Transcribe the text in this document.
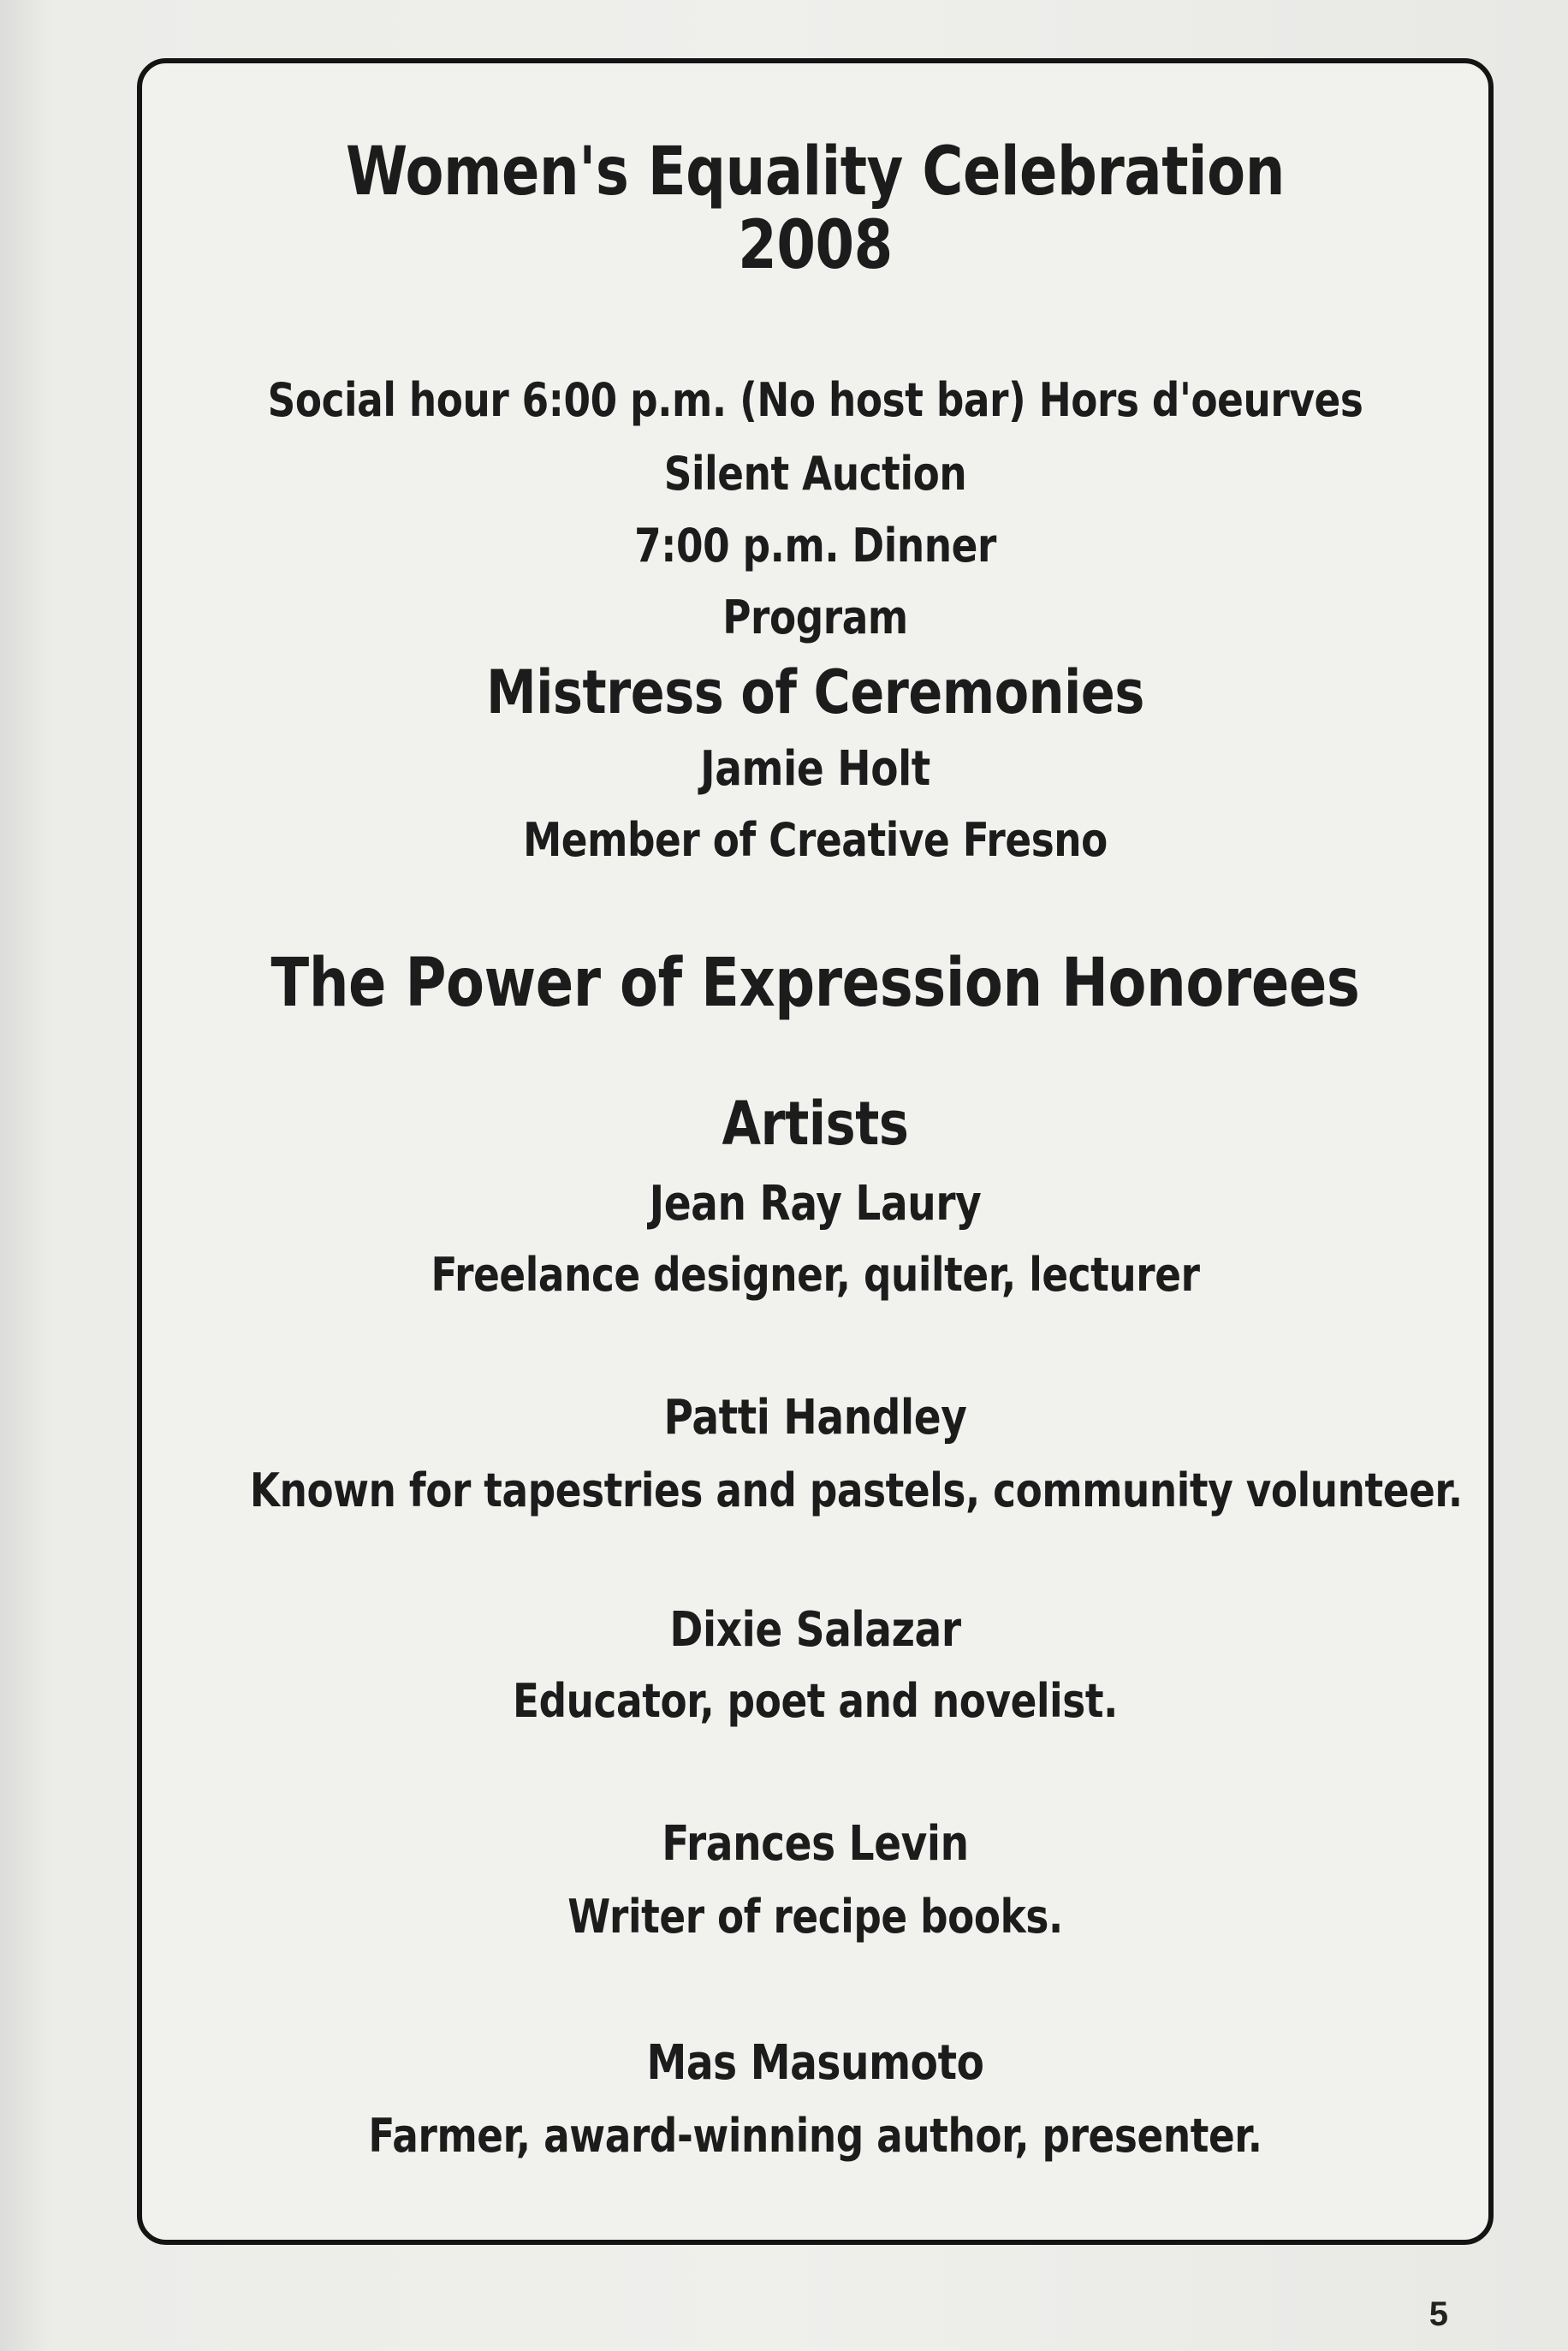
Women's Equality Celebration
2008
Social hour 6:00 p.m. (No host bar) Hors d'oeurves
Silent Auction
7:00 p.m. Dinner
Program
Mistress of Ceremonies
Jamie Holt
Member of Creative Fresno
The Power of Expression Honorees
Artists
Jean Ray Laury
Freelance designer, quilter, lecturer
Patti Handley
Known for tapestries and pastels, community volunteer.
Dixie Salazar
Educator, poet and novelist.
Frances Levin
Writer of recipe books.
Mas Masumoto
Farmer, award-winning author, presenter.
5
